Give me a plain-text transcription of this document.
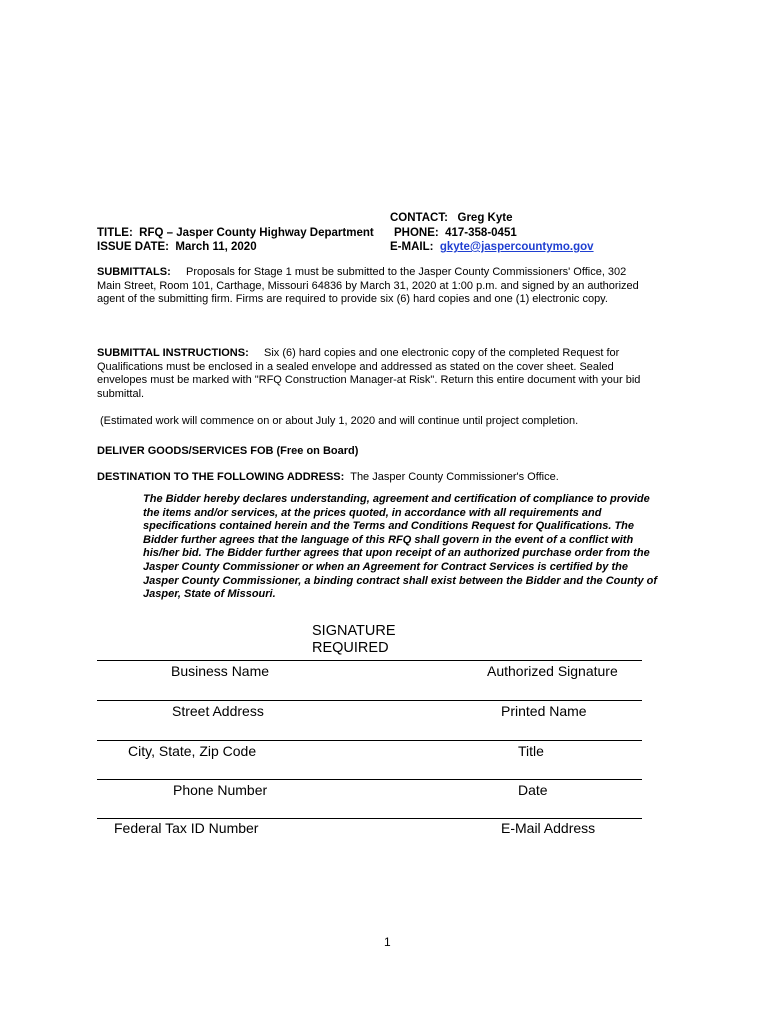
CONTACT: Greg Kyte
TITLE: RFQ – Jasper County Highway Department PHONE: 417-358-0451
ISSUE DATE: March 11, 2020	E-MAIL: gkyte@jaspercountymo.gov
SUBMITTALS: Proposals for Stage 1 must be submitted to the Jasper County Commissioners' Office, 302 Main Street, Room 101, Carthage, Missouri 64836 by March 31, 2020 at 1:00 p.m. and signed by an authorized agent of the submitting firm. Firms are required to provide six (6) hard copies and one (1) electronic copy.
SUBMITTAL INSTRUCTIONS: Six (6) hard copies and one electronic copy of the completed Request for Qualifications must be enclosed in a sealed envelope and addressed as stated on the cover sheet. Sealed envelopes must be marked with "RFQ Construction Manager-at Risk". Return this entire document with your bid submittal.
(Estimated work will commence on or about July 1, 2020 and will continue until project completion.
DELIVER GOODS/SERVICES FOB (Free on Board)
DESTINATION TO THE FOLLOWING ADDRESS: The Jasper County Commissioner's Office.
The Bidder hereby declares understanding, agreement and certification of compliance to provide the items and/or services, at the prices quoted, in accordance with all requirements and specifications contained herein and the Terms and Conditions Request for Qualifications. The Bidder further agrees that the language of this RFQ shall govern in the event of a conflict with his/her bid. The Bidder further agrees that upon receipt of an authorized purchase order from the Jasper County Commissioner or when an Agreement for Contract Services is certified by the Jasper County Commissioner, a binding contract shall exist between the Bidder and the County of Jasper, State of Missouri.
SIGNATURE
REQUIRED
Business Name
Street Address
City, State, Zip Code
Phone Number
Federal Tax ID Number
Authorized Signature
Printed Name
Title
Date
E-Mail Address
1
